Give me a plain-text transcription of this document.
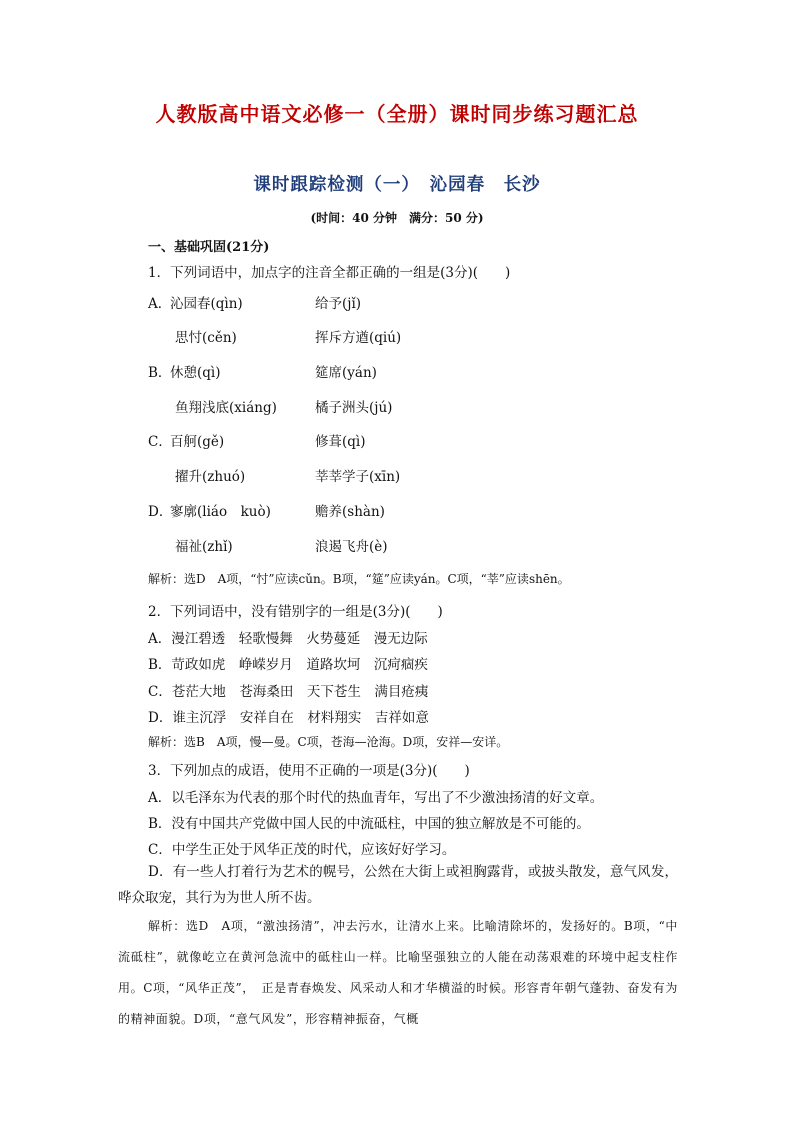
人教版高中语文必修一（全册）课时同步练习题汇总
课时跟踪检测（一）　沁园春　长沙
(时间：40 分钟　满分：50 分)
一、基础巩固(21分)
1．下列词语中，加点字的注音全都正确的一组是(3分)(　　)
A．
沁园春(qìn)	给予(jǐ)
思忖(cěn)	挥斥方遒(qiú)
B．
休憩(qì)	筵席(yán)
鱼翔浅底(xiáng)	橘子洲头(jú)
C．
百舸(gě)	修葺(qì)
擢升(zhuó)	莘莘学子(xīn)
D．
寥廓(liáo　kuò)	赡养(shàn)
福祉(zhǐ)	浪遏飞舟(è)
解析：选D　A项，“忖”应读cǔn。B项，“筵”应读yán。C项，“莘”应读shēn。
2．下列词语中，没有错别字的一组是(3分)(　　)
A．漫江碧透　轻歌慢舞　火势蔓延　漫无边际
B．苛政如虎　峥嵘岁月　道路坎坷　沉疴痼疾
C．苍茫大地　苍海桑田　天下苍生　满目疮痍
D．谁主沉浮　安祥自在　材料翔实　吉祥如意
解析：选B　A项，慢—曼。C项，苍海—沧海。D项，安祥—安详。
3．下列加点的成语，使用不正确的一项是(3分)(　　)
A．以毛泽东为代表的那个时代的热血青年，写出了不少激浊扬清的好文章。
B．没有中国共产党做中国人民的中流砥柱，中国的独立解放是不可能的。
C．中学生正处于风华正茂的时代，应该好好学习。
D．有一些人打着行为艺术的幌号，公然在大街上或袒胸露背，或披头散发，意气风发，哗众取宠，其行为为世人所不齿。
解析：选D　A项，“激浊扬清”，冲去污水，让清水上来。比喻清除坏的，发扬好的。B项，“中流砥柱”，就像屹立在黄河急流中的砥柱山一样。比喻坚强独立的人能在动荡艰难的环境中起支柱作用。C项，“风华正茂”，　正是青春焕发、风采动人和才华横溢的时候。形容青年朝气蓬勃、奋发有为的精神面貌。D项，“意气风发”，形容精神振奋，气概
